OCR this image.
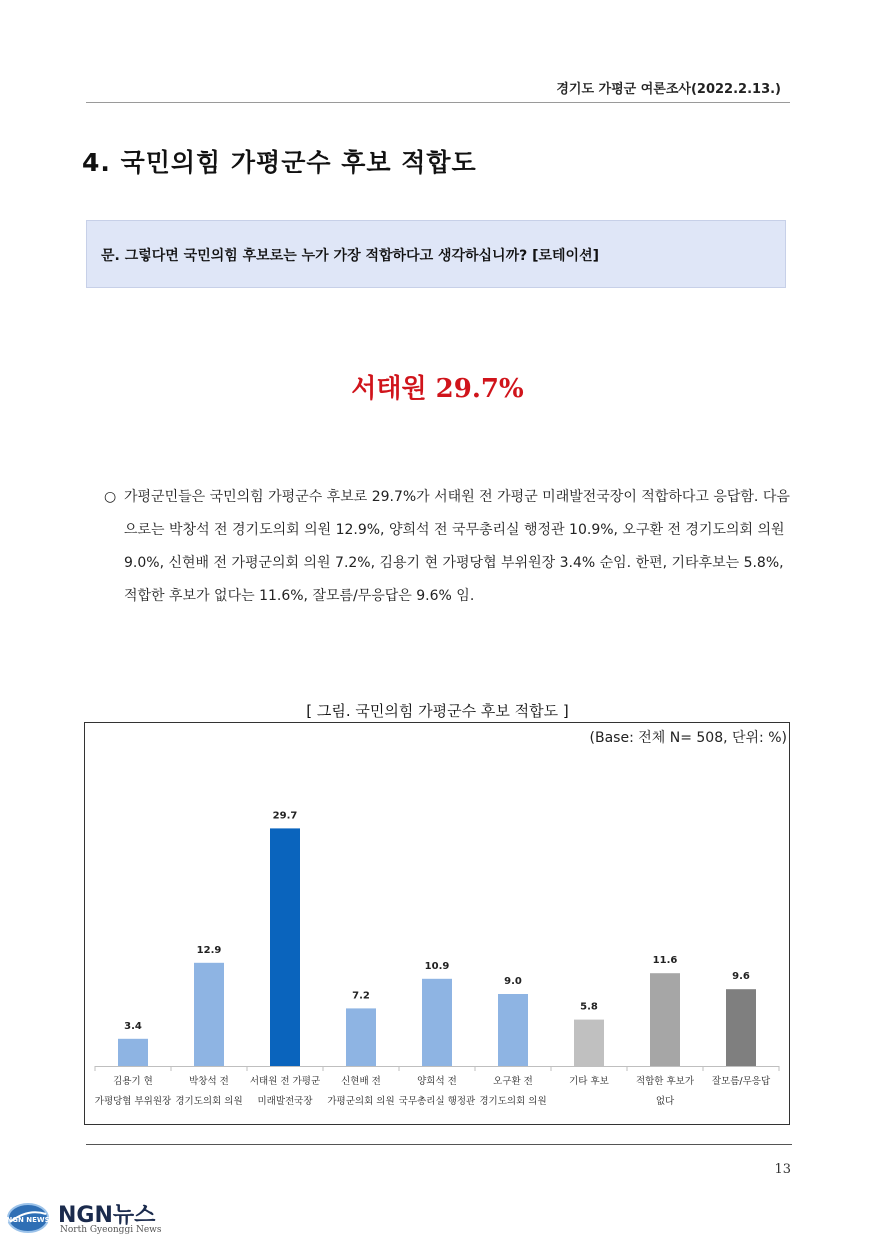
경기도 가평군 여론조사(2022.2.13.)
4. 국민의힘 가평군수 후보 적합도
문. 그렇다면 국민의힘 후보로는 누가 가장 적합하다고 생각하십니까? [로테이션]
서태원 29.7%
○ 가평군민들은 국민의힘 가평군수 후보로 29.7%가 서태원 전 가평군 미래발전국장이 적합하다고 응답함. 다음으로는 박창석 전 경기도의회 의원 12.9%, 양희석 전 국무총리실 행정관 10.9%, 오구환 전 경기도의회 의원 9.0%, 신현배 전 가평군의회 의원 7.2%, 김용기 현 가평당협 부위원장 3.4% 순임. 한편, 기타후보는 5.8%, 적합한 후보가 없다는 11.6%, 잘모름/무응답은 9.6% 임.
[ 그림. 국민의힘 가평군수 후보 적합도 ]
(Base: 전체 N= 508, 단위: %)
3.4
김용기 현
가평당협 부위원장
12.9
박창석 전
경기도의회 의원
29.7
서태원 전 가평군
미래발전국장
7.2
신현배 전
가평군의회 의원
10.9
양희석 전
국무총리실 행정관
9.0
오구환 전
경기도의회 의원
5.8
기타 후보
11.6
적합한 후보가
없다
9.6
잘모름/무응답
13
NGN NEWS NGN뉴스
North Gyeonggi News
